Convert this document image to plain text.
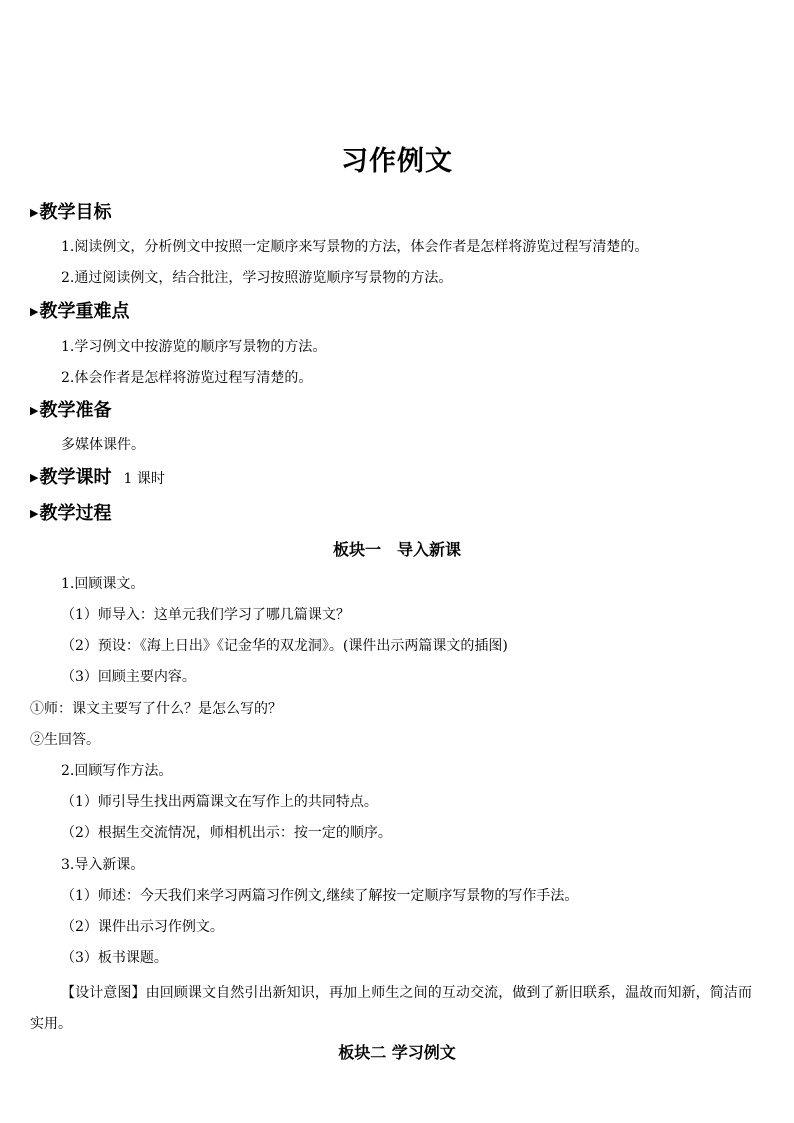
习作例文
▶教学目标
1.阅读例文，分析例文中按照一定顺序来写景物的方法，体会作者是怎样将游览过程写清楚的。
2.通过阅读例文，结合批注，学习按照游览顺序写景物的方法。
▶教学重难点
1.学习例文中按游览的顺序写景物的方法。
2.体会作者是怎样将游览过程写清楚的。
▶教学准备
多媒体课件。
▶教学课时 1 课时
▶教学过程
板块一　导入新课
1.回顾课文。
（1）师导入：这单元我们学习了哪几篇课文？
（2）预设：《海上日出》《记金华的双龙洞》。(课件出示两篇课文的插图)
（3）回顾主要内容。
①师：课文主要写了什么？是怎么写的？
②生回答。
2.回顾写作方法。
（1）师引导生找出两篇课文在写作上的共同特点。
（2）根据生交流情况，师相机出示：按一定的顺序。
3.导入新课。
（1）师述：今天我们来学习两篇习作例文,继续了解按一定顺序写景物的写作手法。
（2）课件出示习作例文。
（3）板书课题。
【设计意图】由回顾课文自然引出新知识，再加上师生之间的互动交流，做到了新旧联系，温故而知新，简洁而实用。
板块二 学习例文
